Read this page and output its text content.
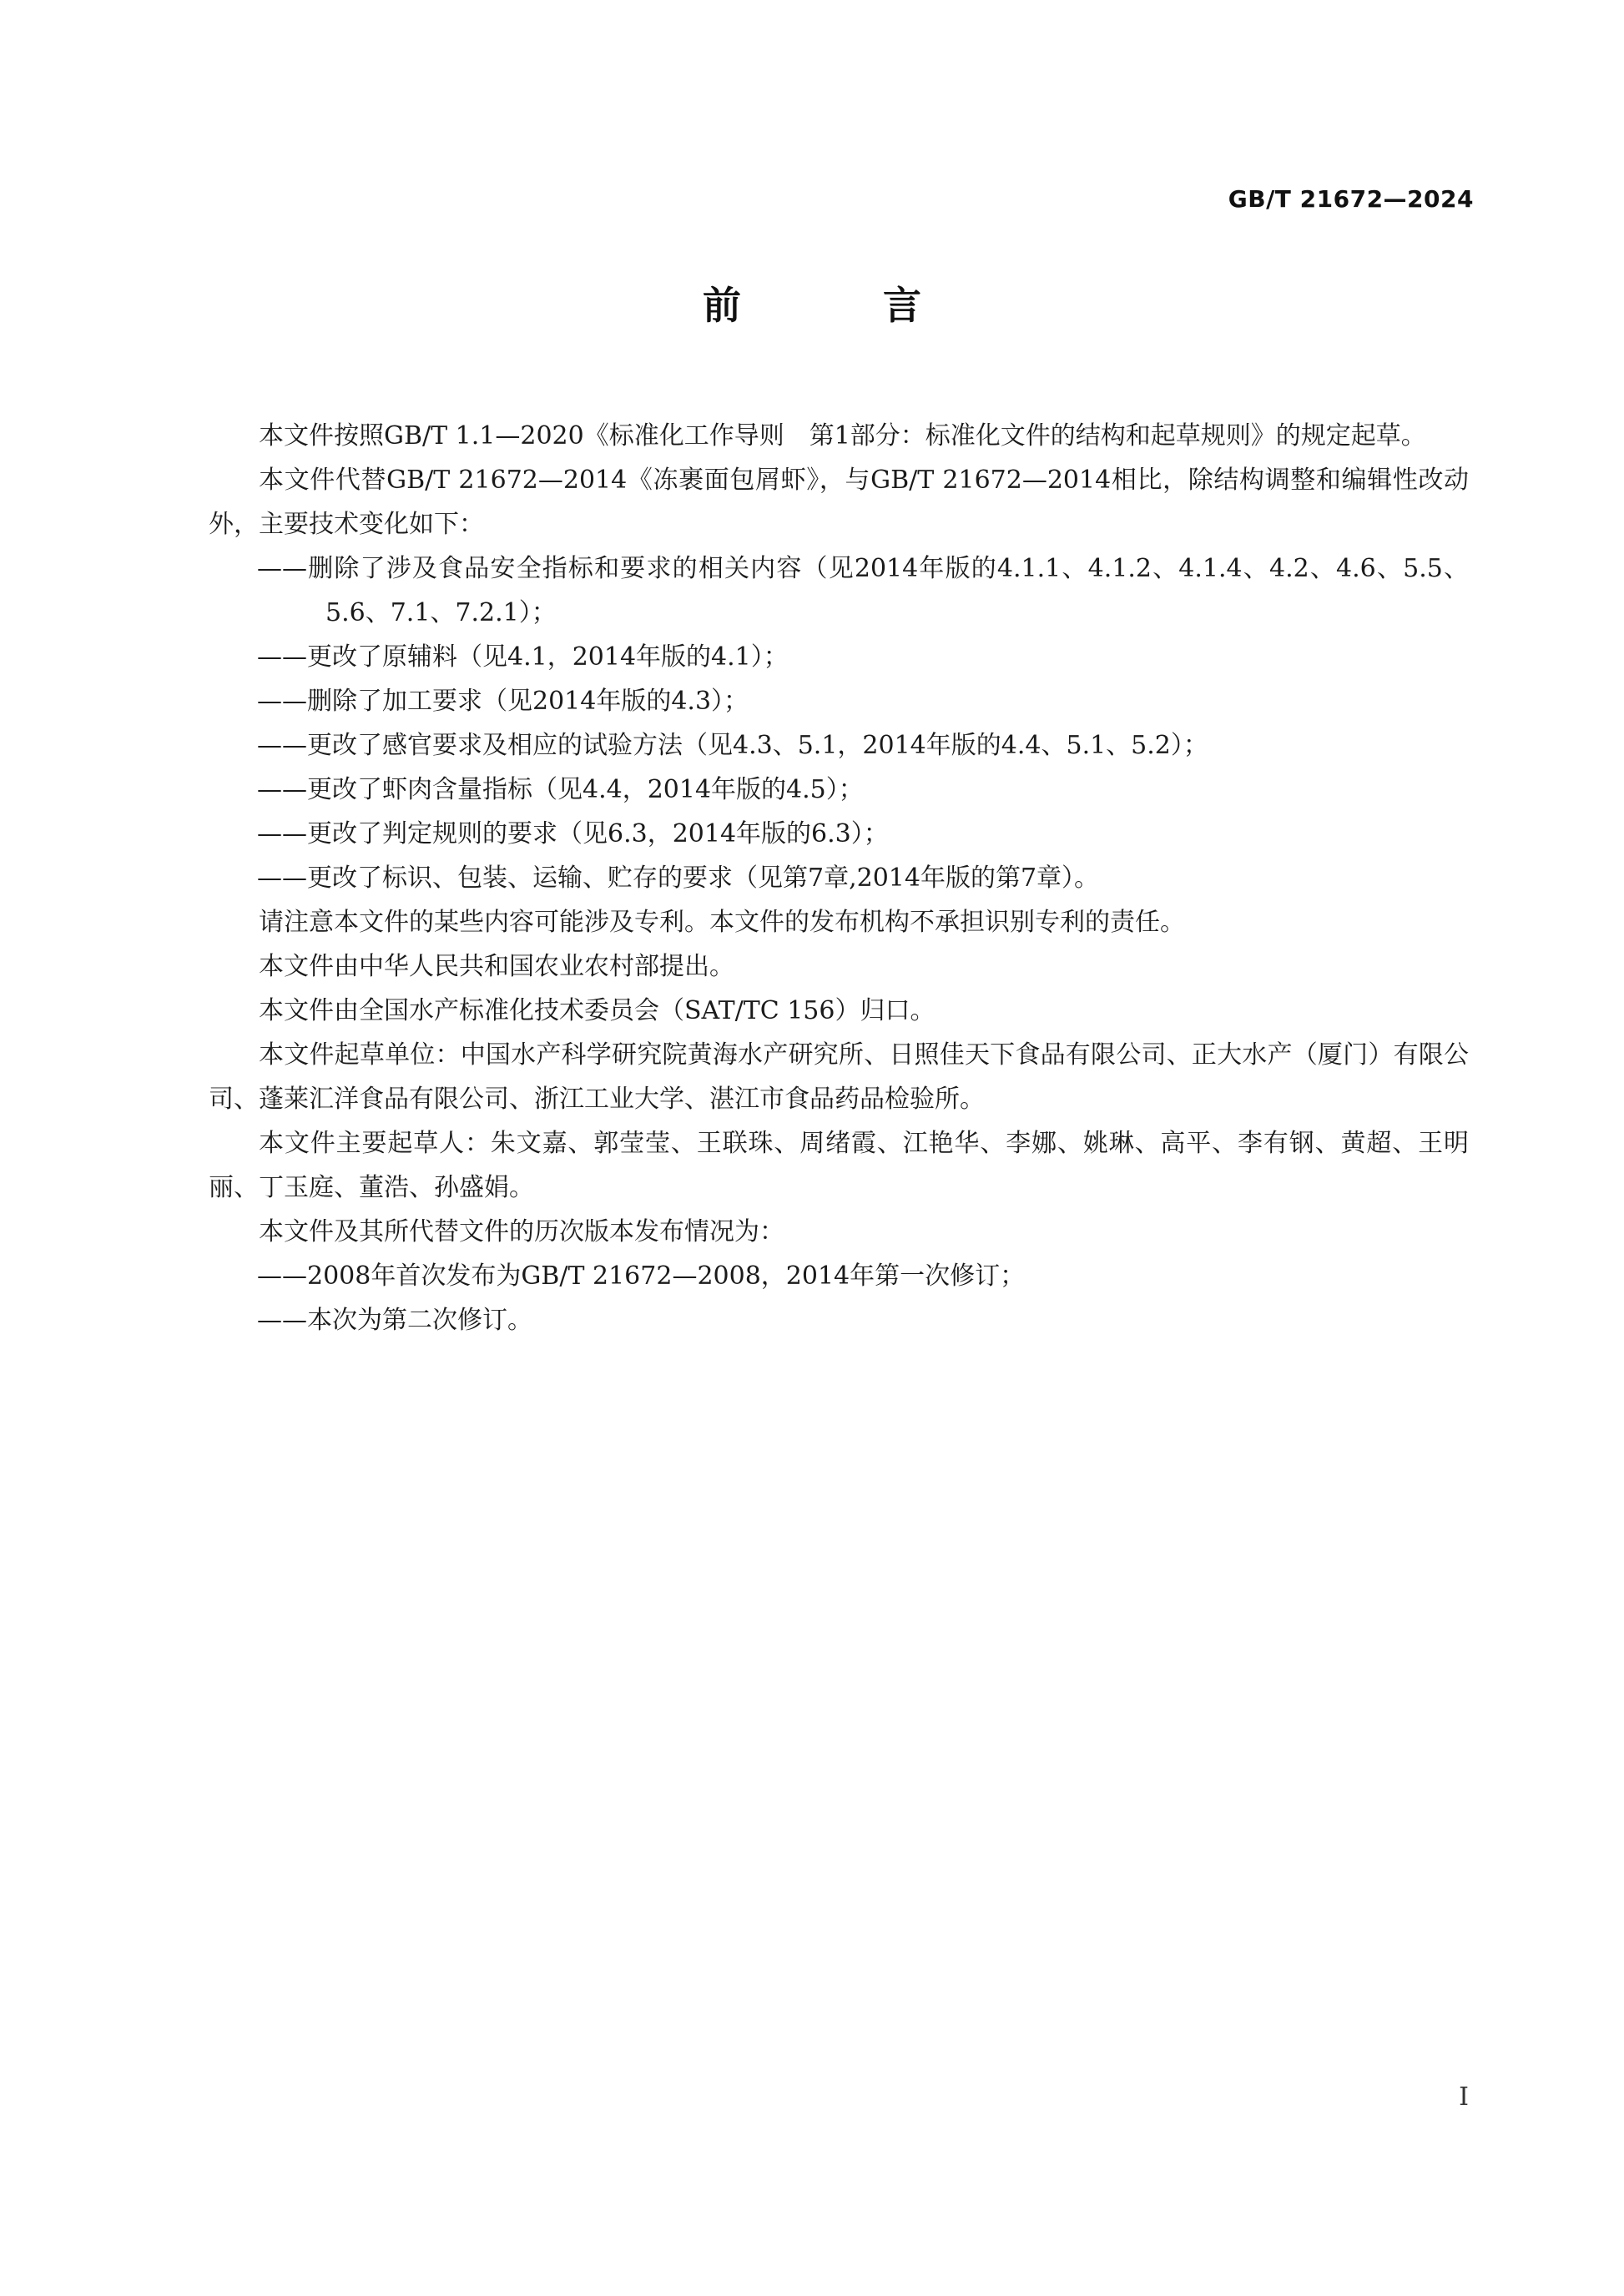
GB/T 21672—2024
前　言

本文件按照GB/T 1.1—2020《标准化工作导则　第1部分：标准化文件的结构和起草规则》的规定起草。

本文件代替GB/T 21672—2014《冻裹面包屑虾》，与GB/T 21672—2014相比，除结构调整和编辑性改动外，主要技术变化如下：

——删除了涉及食品安全指标和要求的相关内容（见2014年版的4.1.1、4.1.2、4.1.4、4.2、4.6、5.5、5.6、7.1、7.2.1）；

——更改了原辅料（见4.1，2014年版的4.1）；

——删除了加工要求（见2014年版的4.3）；

——更改了感官要求及相应的试验方法（见4.3、5.1，2014年版的4.4、5.1、5.2）；

——更改了虾肉含量指标（见4.4，2014年版的4.5）；

——更改了判定规则的要求（见6.3，2014年版的6.3）；

——更改了标识、包装、运输、贮存的要求（见第7章,2014年版的第7章）。

请注意本文件的某些内容可能涉及专利。本文件的发布机构不承担识别专利的责任。

本文件由中华人民共和国农业农村部提出。

本文件由全国水产标准化技术委员会（SAT/TC 156）归口。

本文件起草单位：中国水产科学研究院黄海水产研究所、日照佳天下食品有限公司、正大水产（厦门）有限公司、蓬莱汇洋食品有限公司、浙江工业大学、湛江市食品药品检验所。

本文件主要起草人：朱文嘉、郭莹莹、王联珠、周绪霞、江艳华、李娜、姚琳、高平、李有钢、黄超、王明丽、丁玉庭、董浩、孙盛娟。

本文件及其所代替文件的历次版本发布情况为：

——2008年首次发布为GB/T 21672—2008，2014年第一次修订；

——本次为第二次修订。

I
